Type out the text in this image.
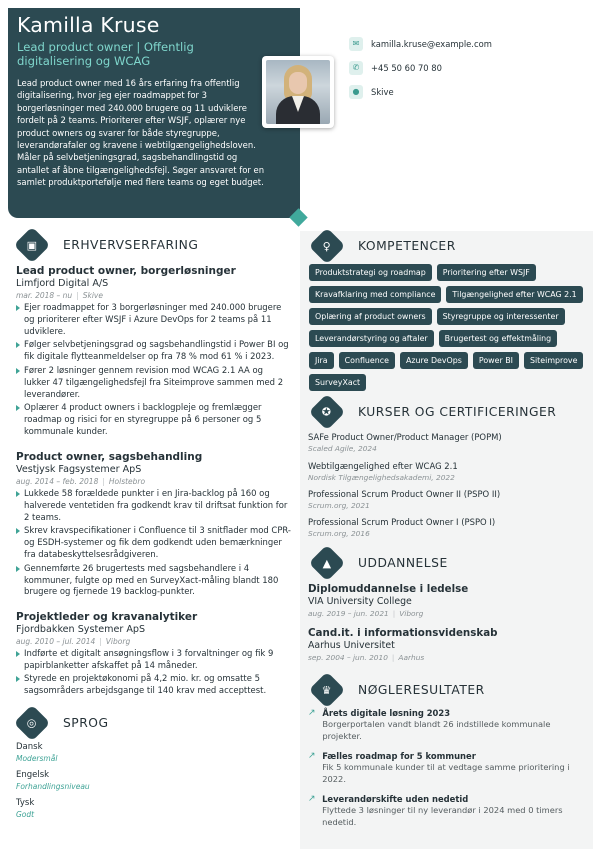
Kamilla Kruse
Lead product owner | Offentlig digitalisering og WCAG
Lead product owner med 16 års erfaring fra offentlig digitalisering, hvor jeg ejer roadmappet for 3 borgerløsninger med 240.000 brugere og 11 udviklere fordelt på 2 teams. Prioriterer efter WSJF, oplærer nye product owners og svarer for både styregruppe, leverandørafaler og kravene i webtilgængelighedsloven. Måler på selvbetjeningsgrad, sagsbehandlingstid og antallet af åbne tilgængelighedsfejl. Søger ansvaret for en samlet produktportefølje med flere teams og eget budget.
✉ kamilla.kruse@example.com
✆ +45 50 60 70 80
● Skive
▣ ERHVERVSERFARING
Lead product owner, borgerløsninger
Limfjord Digital A/S
mar. 2018 – nu | Skive
Ejer roadmappet for 3 borgerløsninger med 240.000 brugere og prioriterer efter WSJF i Azure DevOps for 2 teams på 11 udviklere.
Følger selvbetjeningsgrad og sagsbehandlingstid i Power BI og fik digitale flytteanmeldelser op fra 78 % mod 61 % i 2023.
Fører 2 løsninger gennem revision mod WCAG 2.1 AA og lukker 47 tilgængelighedsfejl fra Siteimprove sammen med 2 leverandører.
Oplærer 4 product owners i backlogpleje og fremlægger roadmap og risici for en styregruppe på 6 personer og 5 kommunale kunder.
Product owner, sagsbehandling
Vestjysk Fagsystemer ApS
aug. 2014 – feb. 2018 | Holstebro
Lukkede 58 forældede punkter i en Jira-backlog på 160 og halverede ventetiden fra godkendt krav til driftsat funktion for 2 teams.
Skrev kravspecifikationer i Confluence til 3 snitflader mod CPR- og ESDH-systemer og fik dem godkendt uden bemærkninger fra databeskyttelsesrådgiveren.
Gennemførte 26 brugertests med sagsbehandlere i 4 kommuner, fulgte op med en SurveyXact-måling blandt 180 brugere og fjernede 19 backlog-punkter.
Projektleder og kravanalytiker
Fjordbakken Systemer ApS
aug. 2010 – jul. 2014 | Viborg
Indførte et digitalt ansøgningsflow i 3 forvaltninger og fik 9 papirblanketter afskaffet på 14 måneder.
Styrede en projektøkonomi på 4,2 mio. kr. og omsatte 5 sagsområders arbejdsgange til 140 krav med accepttest.
◎ SPROG
Dansk
Modersmål
Engelsk
Forhandlingsniveau
Tysk
Godt
♀ KOMPETENCER
Produktstrategi og roadmap	Prioritering efter WSJF
Kravafklaring med compliance	Tilgængelighed efter WCAG 2.1
Oplæring af product owners	Styregruppe og interessenter
Leverandørstyring og aftaler	Brugertest og effektmåling
Jira	Confluence	Azure DevOps	Power BI	Siteimprove
SurveyXact
✪ KURSER OG CERTIFICERINGER
SAFe Product Owner/Product Manager (POPM)
Scaled Agile, 2024
Webtilgængelighed efter WCAG 2.1
Nordisk Tilgængelighedsakademi, 2022
Professional Scrum Product Owner II (PSPO II)
Scrum.org, 2021
Professional Scrum Product Owner I (PSPO I)
Scrum.org, 2016
▲ UDDANNELSE
Diplomuddannelse i ledelse
VIA University College
aug. 2019 – jun. 2021 | Viborg
Cand.it. i informationsvidenskab
Aarhus Universitet
sep. 2004 – jun. 2010 | Aarhus
♛ NØGLERESULTATER
↗ Årets digitale løsning 2023
Borgerportalen vandt blandt 26 indstillede kommunale projekter.
↗ Fælles roadmap for 5 kommuner
Fik 5 kommunale kunder til at vedtage samme prioritering i 2022.
↗ Leverandørskifte uden nedetid
Flyttede 3 løsninger til ny leverandør i 2024 med 0 timers nedetid.
